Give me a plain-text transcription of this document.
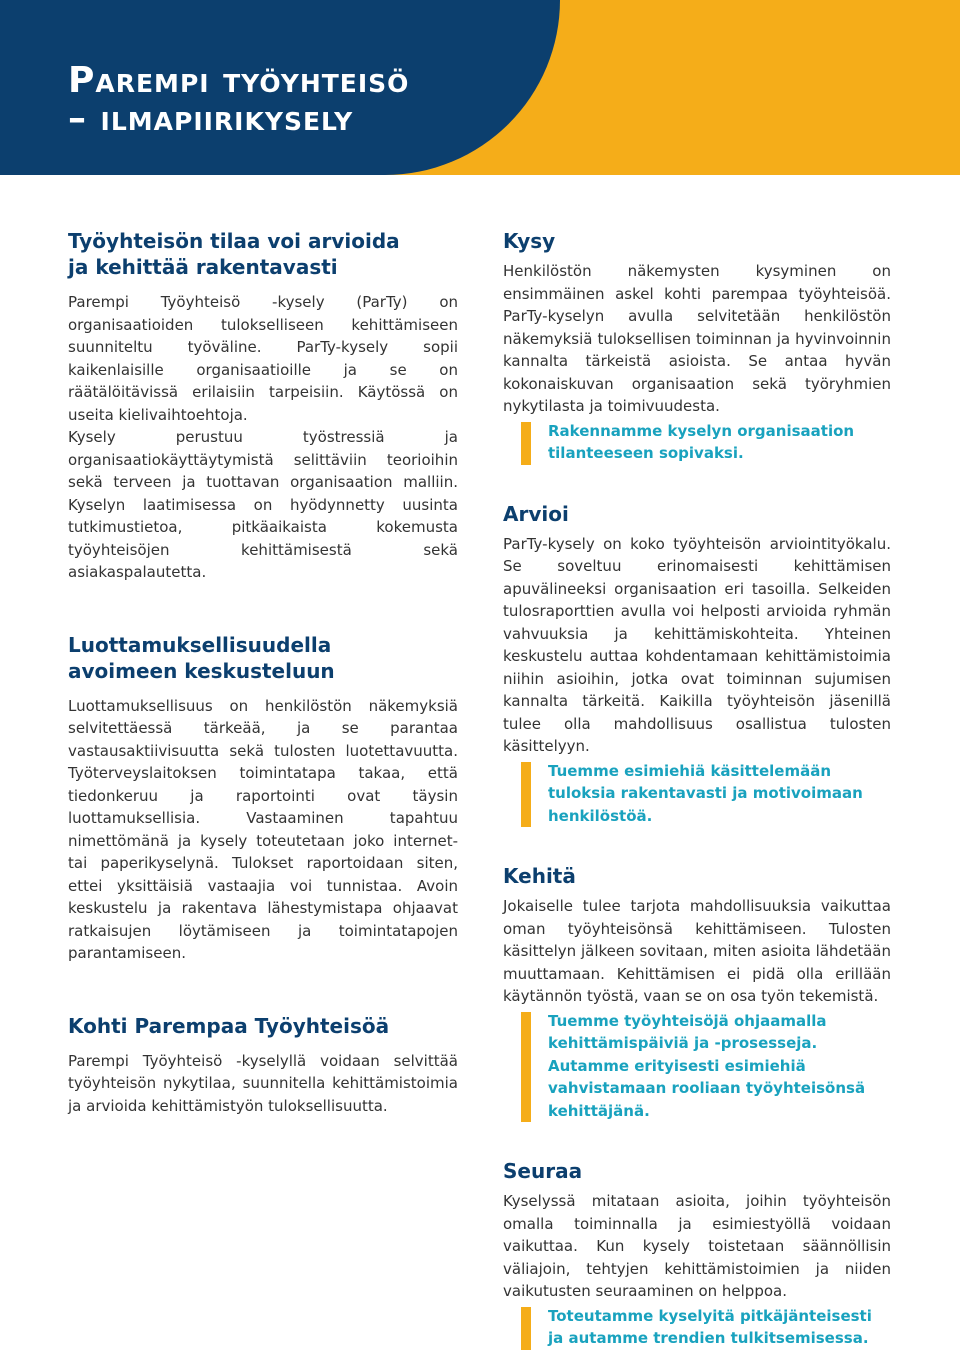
Parempi työyhteisö
– ilmapiirikysely
Työyhteisön tilaa voi arvioida
ja kehittää rakentavasti

Parempi Työyhteisö -kysely (ParTy) on organisaatioiden tulokselliseen kehittämiseen suunniteltu työväline. ParTy-kysely sopii kaikenlaisille organisaatioille ja se on räätälöitävissä erilaisiin tarpeisiin. Käytössä on useita kielivaihtoehtoja.

Kysely perustuu työstressiä ja organisaatiokäyttäytymistä selittäviin teorioihin sekä terveen ja tuottavan organisaation malliin. Kyselyn laatimisessa on hyödynnetty uusinta tutkimustietoa, pitkäaikaista kokemusta työyhteisöjen kehittämisestä sekä asiakaspalautetta.

Luottamuksellisuudella
avoimeen keskusteluun

Luottamuksellisuus on henkilöstön näkemyksiä selvitettäessä tärkeää, ja se parantaa vastausaktiivisuutta sekä tulosten luotettavuutta. Työterveyslaitoksen toimintatapa takaa, että tiedonkeruu ja raportointi ovat täysin luottamuksellisia. Vastaaminen tapahtuu nimettömänä ja kysely toteutetaan joko internet- tai paperikyselynä. Tulokset raportoidaan siten, ettei yksittäisiä vastaajia voi tunnistaa. Avoin keskustelu ja rakentava lähestymistapa ohjaavat ratkaisujen löytämiseen ja toimintatapojen parantamiseen.

Kohti Parempaa Työyhteisöä

Parempi Työyhteisö -kyselyllä voidaan selvittää työyhteisön nykytilaa, suunnitella kehittämistoimia ja arvioida kehittämistyön tuloksellisuutta.

Kysy

Henkilöstön näkemysten kysyminen on ensimmäinen askel kohti parempaa työyhteisöä. ParTy-kyselyn avulla selvitetään henkilöstön näkemyksiä tuloksellisen toiminnan ja hyvinvoinnin kannalta tärkeistä asioista. Se antaa hyvän kokonaiskuvan organisaation sekä työryhmien nykytilasta ja toimivuudesta.

Rakennamme kyselyn organisaation tilanteeseen sopivaksi.
Arvioi

ParTy-kysely on koko työyhteisön arviointityökalu. Se soveltuu erinomaisesti kehittämisen apuvälineeksi organisaation eri tasoilla. Selkeiden tulosraporttien avulla voi helposti arvioida ryhmän vahvuuksia ja kehittämiskohteita. Yhteinen keskustelu auttaa kohdentamaan kehittämistoimia niihin asioihin, jotka ovat toiminnan sujumisen kannalta tärkeitä. Kaikilla työyhteisön jäsenillä tulee olla mahdollisuus osallistua tulosten käsittelyyn.

Tuemme esimiehiä käsittelemään tuloksia rakentavasti ja motivoimaan henkilöstöä.
Kehitä

Jokaiselle tulee tarjota mahdollisuuksia vaikuttaa oman työyhteisönsä kehittämiseen. Tulosten käsittelyn jälkeen sovitaan, miten asioita lähdetään muuttamaan. Kehittämisen ei pidä olla erillään käytännön työstä, vaan se on osa työn tekemistä.

Tuemme työyhteisöjä ohjaamalla kehittämispäiviä ja -prosesseja. Autamme erityisesti esimiehiä vahvistamaan rooliaan työyhteisönsä kehittäjänä.
Seuraa

Kyselyssä mitataan asioita, joihin työyhteisön omalla toiminnalla ja esimiestyöllä voidaan vaikuttaa. Kun kysely toistetaan säännöllisin väliajoin, tehtyjen kehittämistoimien ja niiden vaikutusten seuraaminen on helppoa.

Toteutamme kyselyitä pitkäjänteisesti ja autamme trendien tulkitsemisessa.
